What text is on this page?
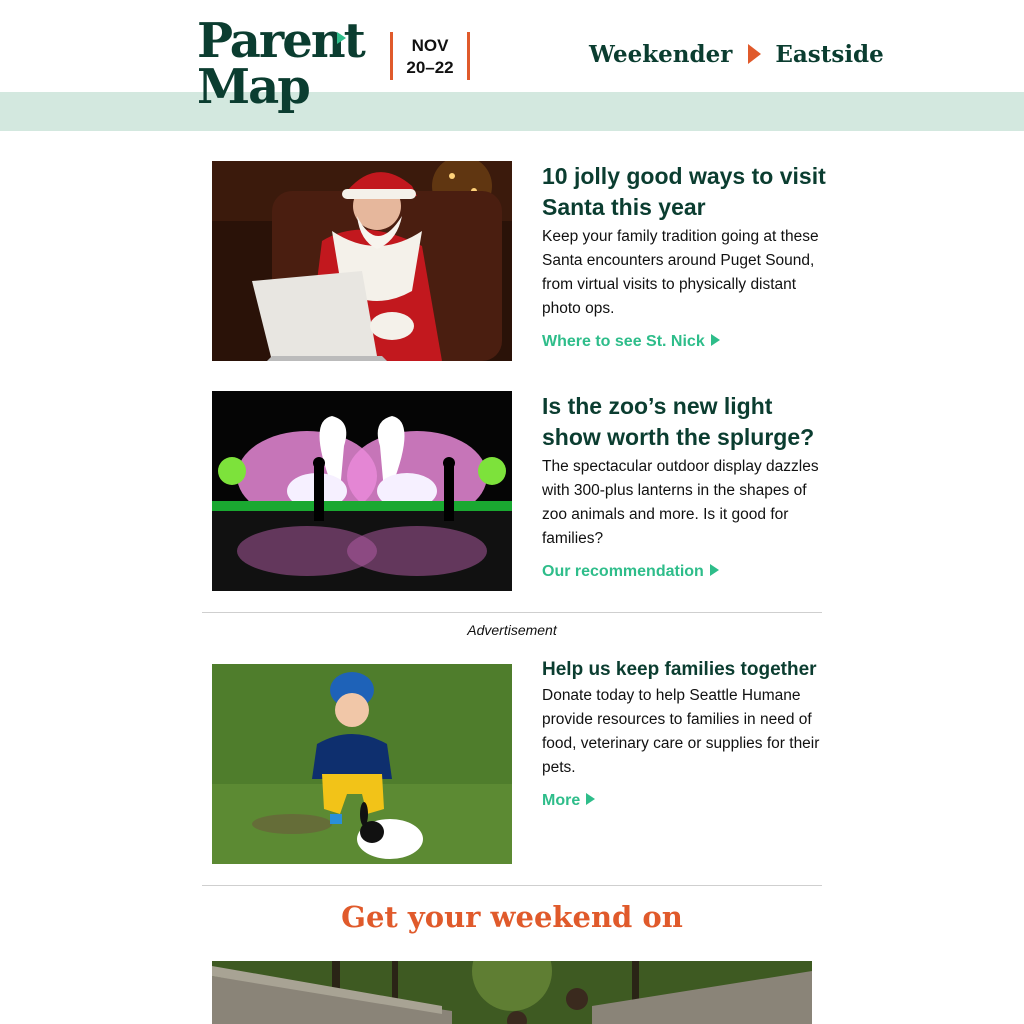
Parent
Map
NOV
20–22	Weekender Eastside
10 jolly good ways to visit Santa this year
Keep your family tradition going at these Santa encounters around Puget Sound, from virtual visits to physically distant photo ops.
Where to see St. Nick
Is the zoo’s new light show worth the splurge?
The spectacular outdoor display dazzles with 300-plus lanterns in the shapes of zoo animals and more. Is it good for families?
Our recommendation
Advertisement
Help us keep families together
Donate today to help Seattle Humane provide resources to families in need of food, veterinary care or supplies for their pets.
More
Get your weekend on
